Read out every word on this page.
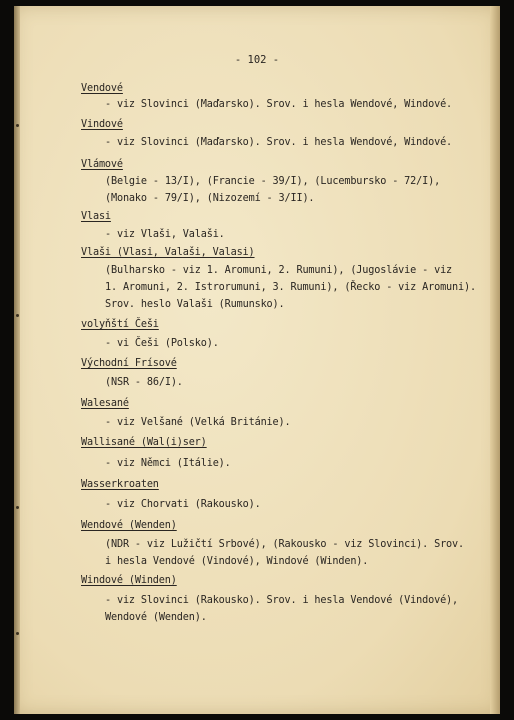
- 102 -
Vendové
- viz Slovinci (Maďarsko). Srov. i hesla Wendové, Windové.
Vindové
- viz Slovinci (Maďarsko). Srov. i hesla Wendové, Windové.
Vlámové
(Belgie - 13/I), (Francie - 39/I), (Lucembursko - 72/I),
(Monako - 79/I), (Nizozemí - 3/II).
Vlasi
- viz Vlaši, Valaši.
Vlaši (Vlasi, Valaši, Valasi)
(Bulharsko - viz 1. Aromuni, 2. Rumuni), (Jugoslávie - viz
1. Aromuni, 2. Istrorumuni, 3. Rumuni), (Řecko - viz Aromuni).
Srov. heslo Valaši (Rumunsko).
volyňští Češi
- vi Češi (Polsko).
Východní Frísové
(NSR - 86/I).
Walesané
- viz Velšané (Velká Británie).
Wallisané (Wal(i)ser)
- viz Němci (Itálie).
Wasserkroaten
- viz Chorvati (Rakousko).
Wendové (Wenden)
(NDR - viz Lužičtí Srbové), (Rakousko - viz Slovinci). Srov.
i hesla Vendové (Vindové), Windové (Winden).
Windové (Winden)
- viz Slovinci (Rakousko). Srov. i hesla Vendové (Vindové),
Wendové (Wenden).
